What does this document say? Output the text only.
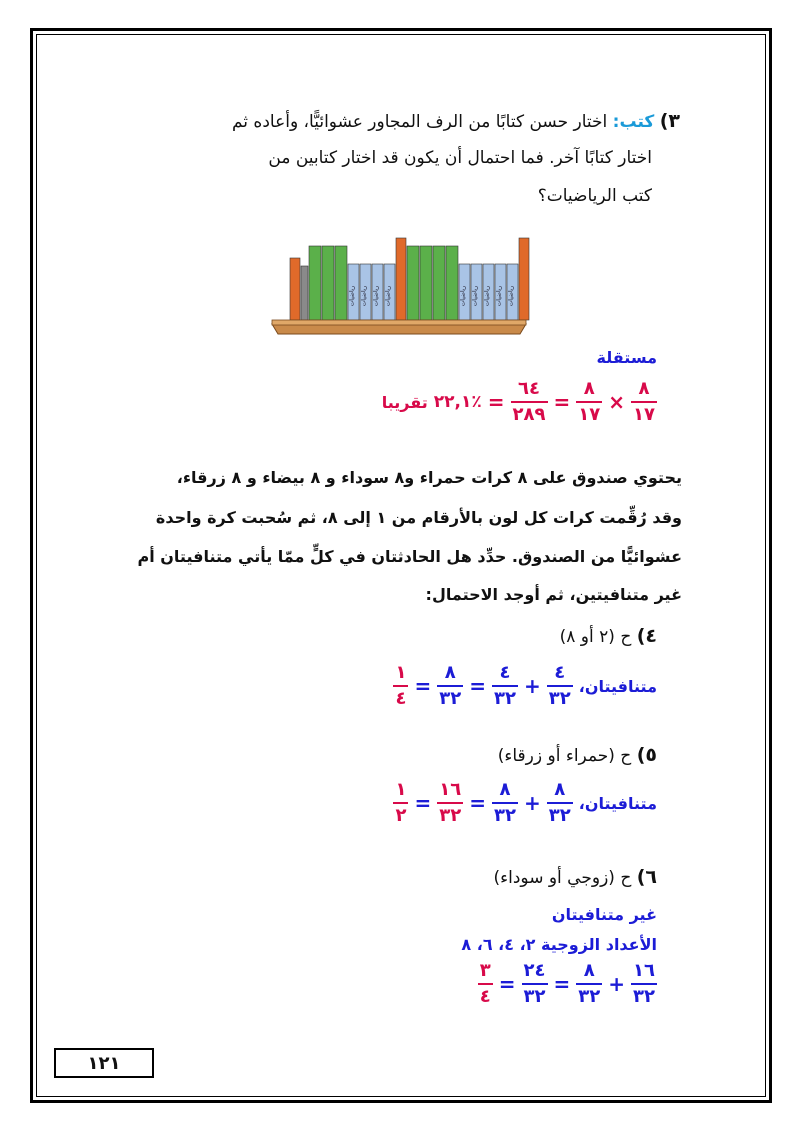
٣) كتب: اختار حسن كتابًا من الرف المجاور عشوائيًّا، وأعاده ثم
اختار كتابًا آخر. فما احتمال أن يكون قد اختار كتابين من
كتب الرياضيات؟
رياضيات رياضيات رياضيات رياضيات	رياضيات رياضيات رياضيات رياضيات رياضيات
مستقلة
تقريبا ٢٢,١٪ = $\frac{٦٤}{٢٨٩} = \frac{٨}{١٧} \times \frac{٨}{١٧}$
يحتوي صندوق على ٨ كرات حمراء و٨ سوداء و ٨ بيضاء و ٨ زرقاء،
وقد رُقِّمت كرات كل لون بالأرقام من ١ إلى ٨، ثم سُحبت كرة واحدة
عشوائيًّا من الصندوق. حدِّد هل الحادثتان في كلٍّ ممّا يأتي متنافيتان أم
غير متنافيتين، ثم أوجد الاحتمال:
٤) ح (٢ أو ٨)
$\frac{١}{٤} = \frac{٨}{٣٢} = \frac{٤}{٣٢} + \frac{٤}{٣٢}$ متنافيتان،
٥) ح (حمراء أو زرقاء)
$\frac{١}{٢} = \frac{١٦}{٣٢} = \frac{٨}{٣٢} + \frac{٨}{٣٢}$ متنافيتان،
٦) ح (زوجي أو سوداء)
غير متنافيتان
الأعداد الزوجية ٢، ٤، ٦، ٨
$\frac{٣}{٤} = \frac{٢٤}{٣٢} = \frac{٨}{٣٢} + \frac{١٦}{٣٢}$
١٢١
